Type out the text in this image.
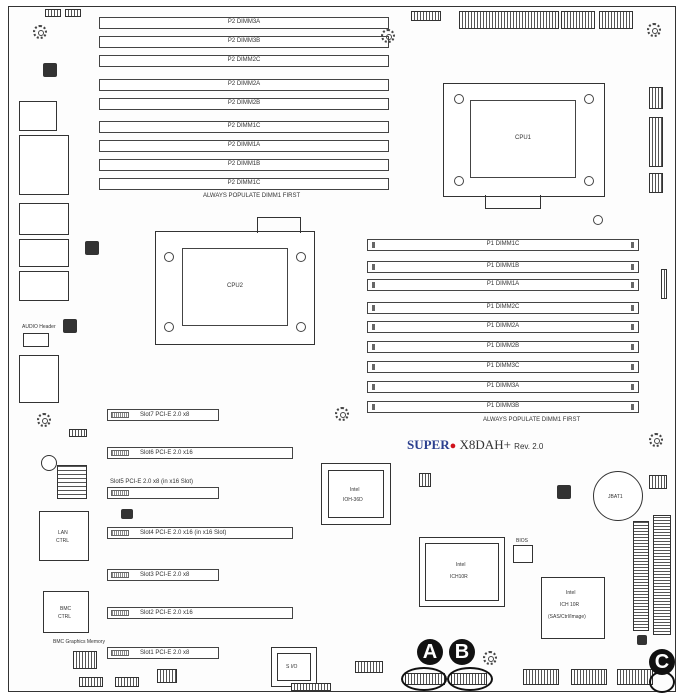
P2 DIMM3A
P2 DIMM3B
P2 DIMM2C
P2 DIMM2A
P2 DIMM2B
P2 DIMM1C
P2 DIMM1A
P2 DIMM1B
P2 DIMM1C
ALWAYS POPULATE DIMM1 FIRST
AUDIO Header
CPU2
CPU1
P1 DIMM1C
P1 DIMM1B
P1 DIMM1A
P1 DIMM2C
P1 DIMM2A
P1 DIMM2B
P1 DIMM3C
P1 DIMM3A
P1 DIMM3B
ALWAYS POPULATE DIMM1 FIRST
SUPER● X8DAH+ Rev. 2.0
Slot7 PCI-E 2.0 x8
Slot6 PCI-E 2.0 x16
Slot5 PCI-E 2.0 x8 (in x16 Slot)
Slot4 PCI-E 2.0 x16 (in x16 Slot)
Slot3 PCI-E 2.0 x8
Slot2 PCI-E 2.0 x16
Slot1 PCI-E 2.0 x8
LAN
CTRL
BMC
CTRL
BMC Graphics Memory
Intel
IOH-36D
Intel
ICH10R
BIOS
JBAT1
Intel
ICH 10R
(SAS/Ctrl/Image)
S I/O
A B	C
